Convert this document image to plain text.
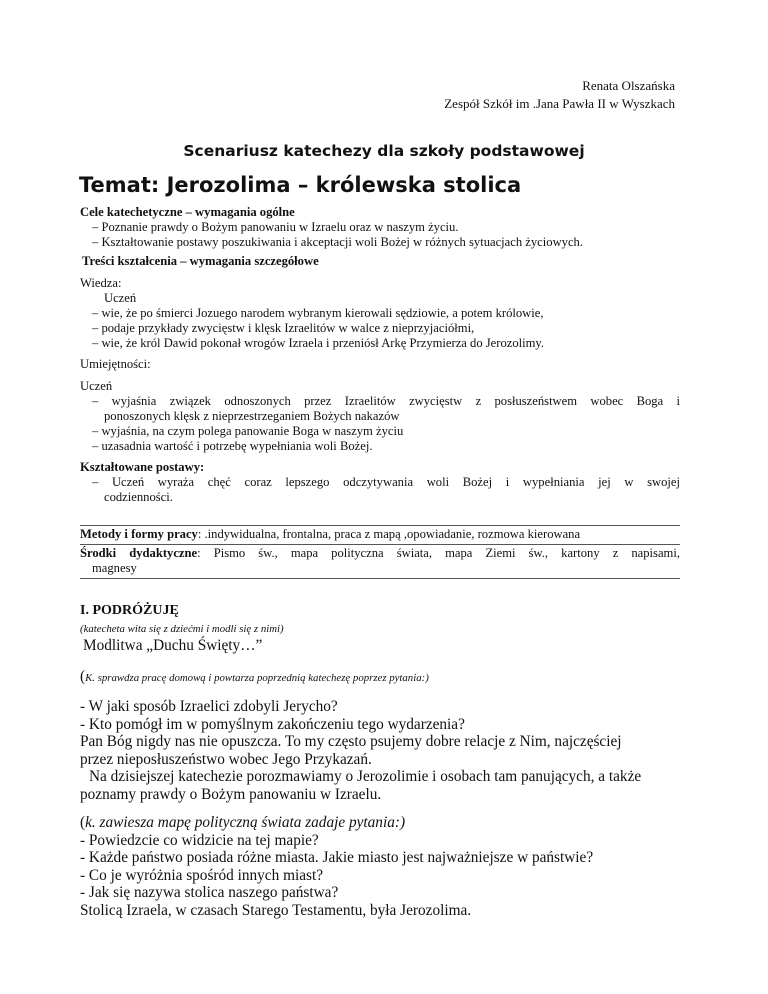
Renata Olszańska
Zespół Szkół im .Jana Pawła II w Wyszkach
Scenariusz katechezy dla szkoły podstawowej
Temat: Jerozolima – królewska stolica
Cele katechetyczne – wymagania ogólne
– Poznanie prawdy o Bożym panowaniu w Izraelu oraz w naszym życiu.
– Kształtowanie postawy poszukiwania i akceptacji woli Bożej w różnych sytuacjach życiowych.
Treści kształcenia – wymagania szczegółowe
Wiedza:
Uczeń
– wie, że po śmierci Jozuego narodem wybranym kierowali sędziowie, a potem królowie,
– podaje przykłady zwycięstw i klęsk Izraelitów w walce z nieprzyjaciółmi,
– wie, że król Dawid pokonał wrogów Izraela i przeniósł Arkę Przymierza do Jerozolimy.
Umiejętności:
Uczeń
– wyjaśnia związek odnoszonych przez Izraelitów zwycięstw z posłuszeństwem wobec Boga i
ponoszonych klęsk z nieprzestrzeganiem Bożych nakazów
– wyjaśnia, na czym polega panowanie Boga w naszym życiu
– uzasadnia wartość i potrzebę wypełniania woli Bożej.
Kształtowane postawy:
– Uczeń wyraża chęć coraz lepszego odczytywania woli Bożej i wypełniania jej w swojej
codzienności.
Metody i formy pracy: .indywidualna, frontalna, praca z mapą ,opowiadanie, rozmowa kierowana
Środki dydaktyczne: Pismo św., mapa polityczna świata, mapa Ziemi św., kartony z napisami,
magnesy
I. PODRÓŻUJĘ
(katecheta wita się z dziećmi i modli się z nimi)
Modlitwa „Duchu Święty…”
(K. sprawdza pracę domową i powtarza poprzednią katechezę poprzez pytania:)
- W jaki sposób Izraelici zdobyli Jerycho?
- Kto pomógł im w pomyślnym zakończeniu tego wydarzenia?
Pan Bóg nigdy nas nie opuszcza. To my często psujemy dobre relacje z Nim, najczęściej
przez nieposłuszeństwo wobec Jego Przykazań.
Na dzisiejszej katechezie porozmawiamy o Jerozolimie i osobach tam panujących, a także
poznamy prawdy o Bożym panowaniu w Izraelu.
(k. zawiesza mapę polityczną świata zadaje pytania:)
- Powiedzcie co widzicie na tej mapie?
- Każde państwo posiada różne miasta. Jakie miasto jest najważniejsze w państwie?
- Co je wyróżnia spośród innych miast?
- Jak się nazywa stolica naszego państwa?
Stolicą Izraela, w czasach Starego Testamentu, była Jerozolima.
